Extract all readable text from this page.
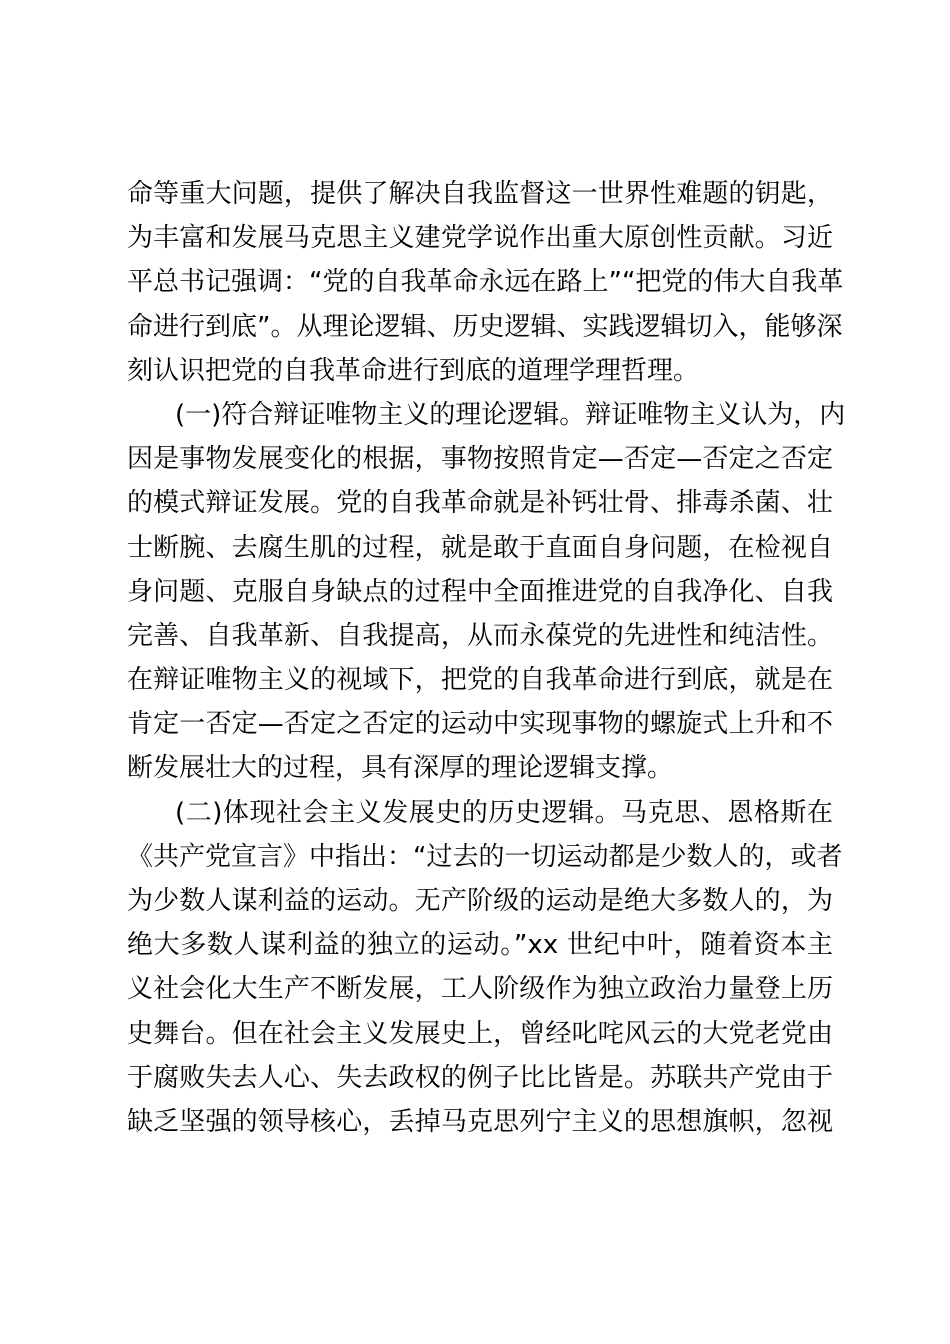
命等重大问题，提供了解决自我监督这一世界性难题的钥匙，
为丰富和发展马克思主义建党学说作出重大原创性贡献。习近
平总书记强调：“党的自我革命永远在路上”“把党的伟大自我革
命进行到底”。从理论逻辑、历史逻辑、实践逻辑切入，能够深
刻认识把党的自我革命进行到底的道理学理哲理。
(一)符合辩证唯物主义的理论逻辑。辩证唯物主义认为，内
因是事物发展变化的根据，事物按照肯定—否定—否定之否定
的模式辩证发展。党的自我革命就是补钙壮骨、排毒杀菌、壮
士断腕、去腐生肌的过程，就是敢于直面自身问题，在检视自
身问题、克服自身缺点的过程中全面推进党的自我净化、自我
完善、自我革新、自我提高，从而永葆党的先进性和纯洁性。
在辩证唯物主义的视域下，把党的自我革命进行到底，就是在
肯定一否定—否定之否定的运动中实现事物的螺旋式上升和不
断发展壮大的过程，具有深厚的理论逻辑支撑。
(二)体现社会主义发展史的历史逻辑。马克思、恩格斯在
《共产党宣言》中指出：“过去的一切运动都是少数人的，或者
为少数人谋利益的运动。无产阶级的运动是绝大多数人的，为
绝大多数人谋利益的独立的运动。”xx 世纪中叶，随着资本主
义社会化大生产不断发展，工人阶级作为独立政治力量登上历
史舞台。但在社会主义发展史上，曾经叱咤风云的大党老党由
于腐败失去人心、失去政权的例子比比皆是。苏联共产党由于
缺乏坚强的领导核心，丢掉马克思列宁主义的思想旗帜，忽视
